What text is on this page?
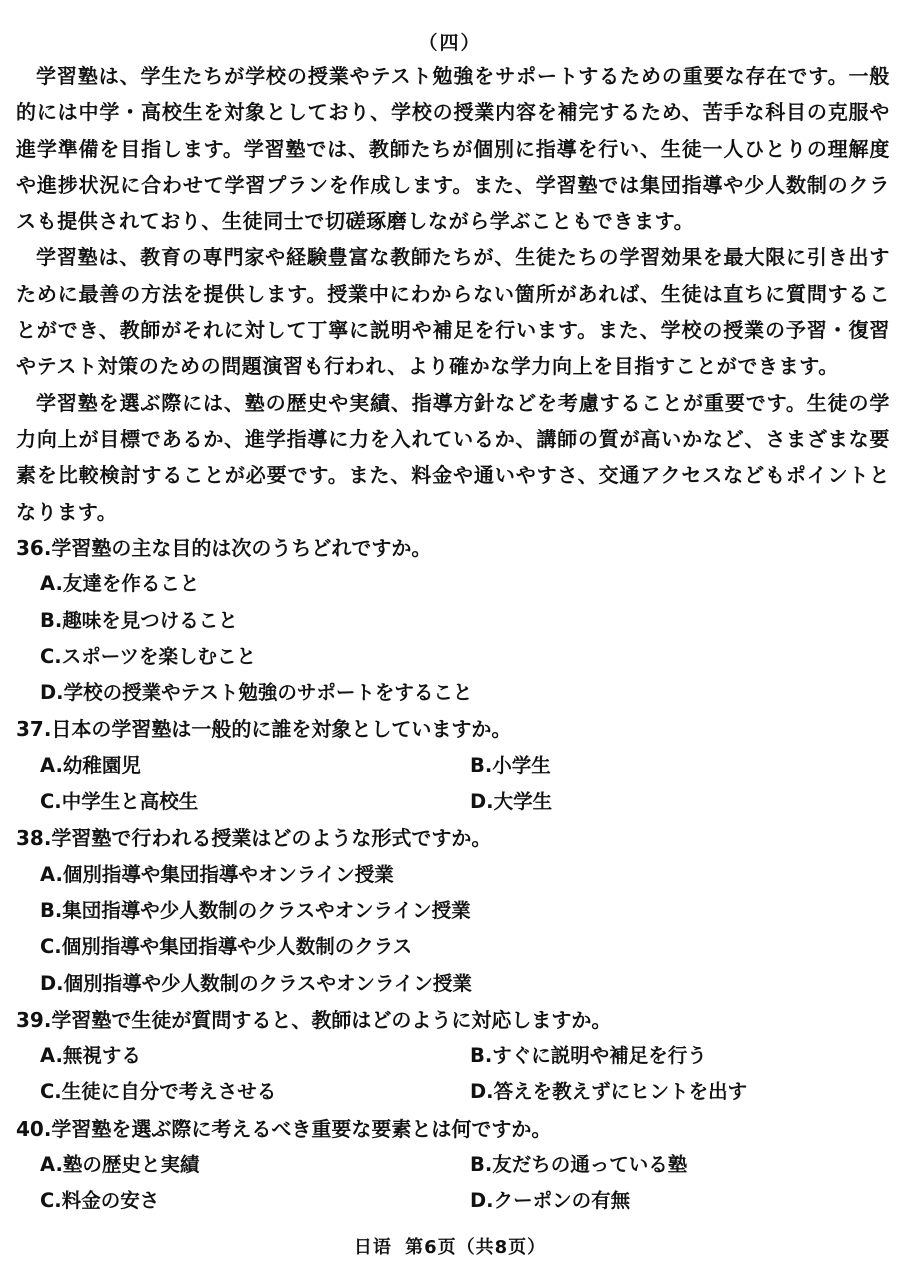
（四）

学習塾は、学生たちが学校の授業やテスト勉強をサポートするための重要な存在です。一般的には中学・高校生を対象としており、学校の授業内容を補完するため、苦手な科目の克服や進学準備を目指します。学習塾では、教師たちが個別に指導を行い、生徒一人ひとりの理解度や進捗状況に合わせて学習プランを作成します。また、学習塾では集団指導や少人数制のクラスも提供されており、生徒同士で切磋琢磨しながら学ぶこともできます。

学習塾は、教育の専門家や経験豊富な教師たちが、生徒たちの学習効果を最大限に引き出すために最善の方法を提供します。授業中にわからない箇所があれば、生徒は直ちに質問することができ、教師がそれに対して丁寧に説明や補足を行います。また、学校の授業の予習・復習やテスト対策のための問題演習も行われ、より確かな学力向上を目指すことができます。

学習塾を選ぶ際には、塾の歴史や実績、指導方針などを考慮することが重要です。生徒の学力向上が目標であるか、進学指導に力を入れているか、講師の質が高いかなど、さまざまな要素を比較検討することが必要です。また、料金や通いやすさ、交通アクセスなどもポイントとなります。

36.学習塾の主な目的は次のうちどれですか。
A.友達を作ること
B.趣味を見つけること
C.スポーツを楽しむこと
D.学校の授業やテスト勉強のサポートをすること
37.日本の学習塾は一般的に誰を対象としていますか。
A.幼稚園児	B.小学生
C.中学生と高校生	D.大学生
38.学習塾で行われる授業はどのような形式ですか。
A.個別指導や集団指導やオンライン授業
B.集団指導や少人数制のクラスやオンライン授業
C.個別指導や集団指導や少人数制のクラス
D.個別指導や少人数制のクラスやオンライン授業
39.学習塾で生徒が質問すると、教師はどのように対応しますか。
A.無視する	B.すぐに説明や補足を行う
C.生徒に自分で考えさせる	D.答えを教えずにヒントを出す
40.学習塾を選ぶ際に考えるべき重要な要素とは何ですか。
A.塾の歴史と実績	B.友だちの通っている塾
C.料金の安さ	D.クーポンの有無
日语 第6页（共8页）
